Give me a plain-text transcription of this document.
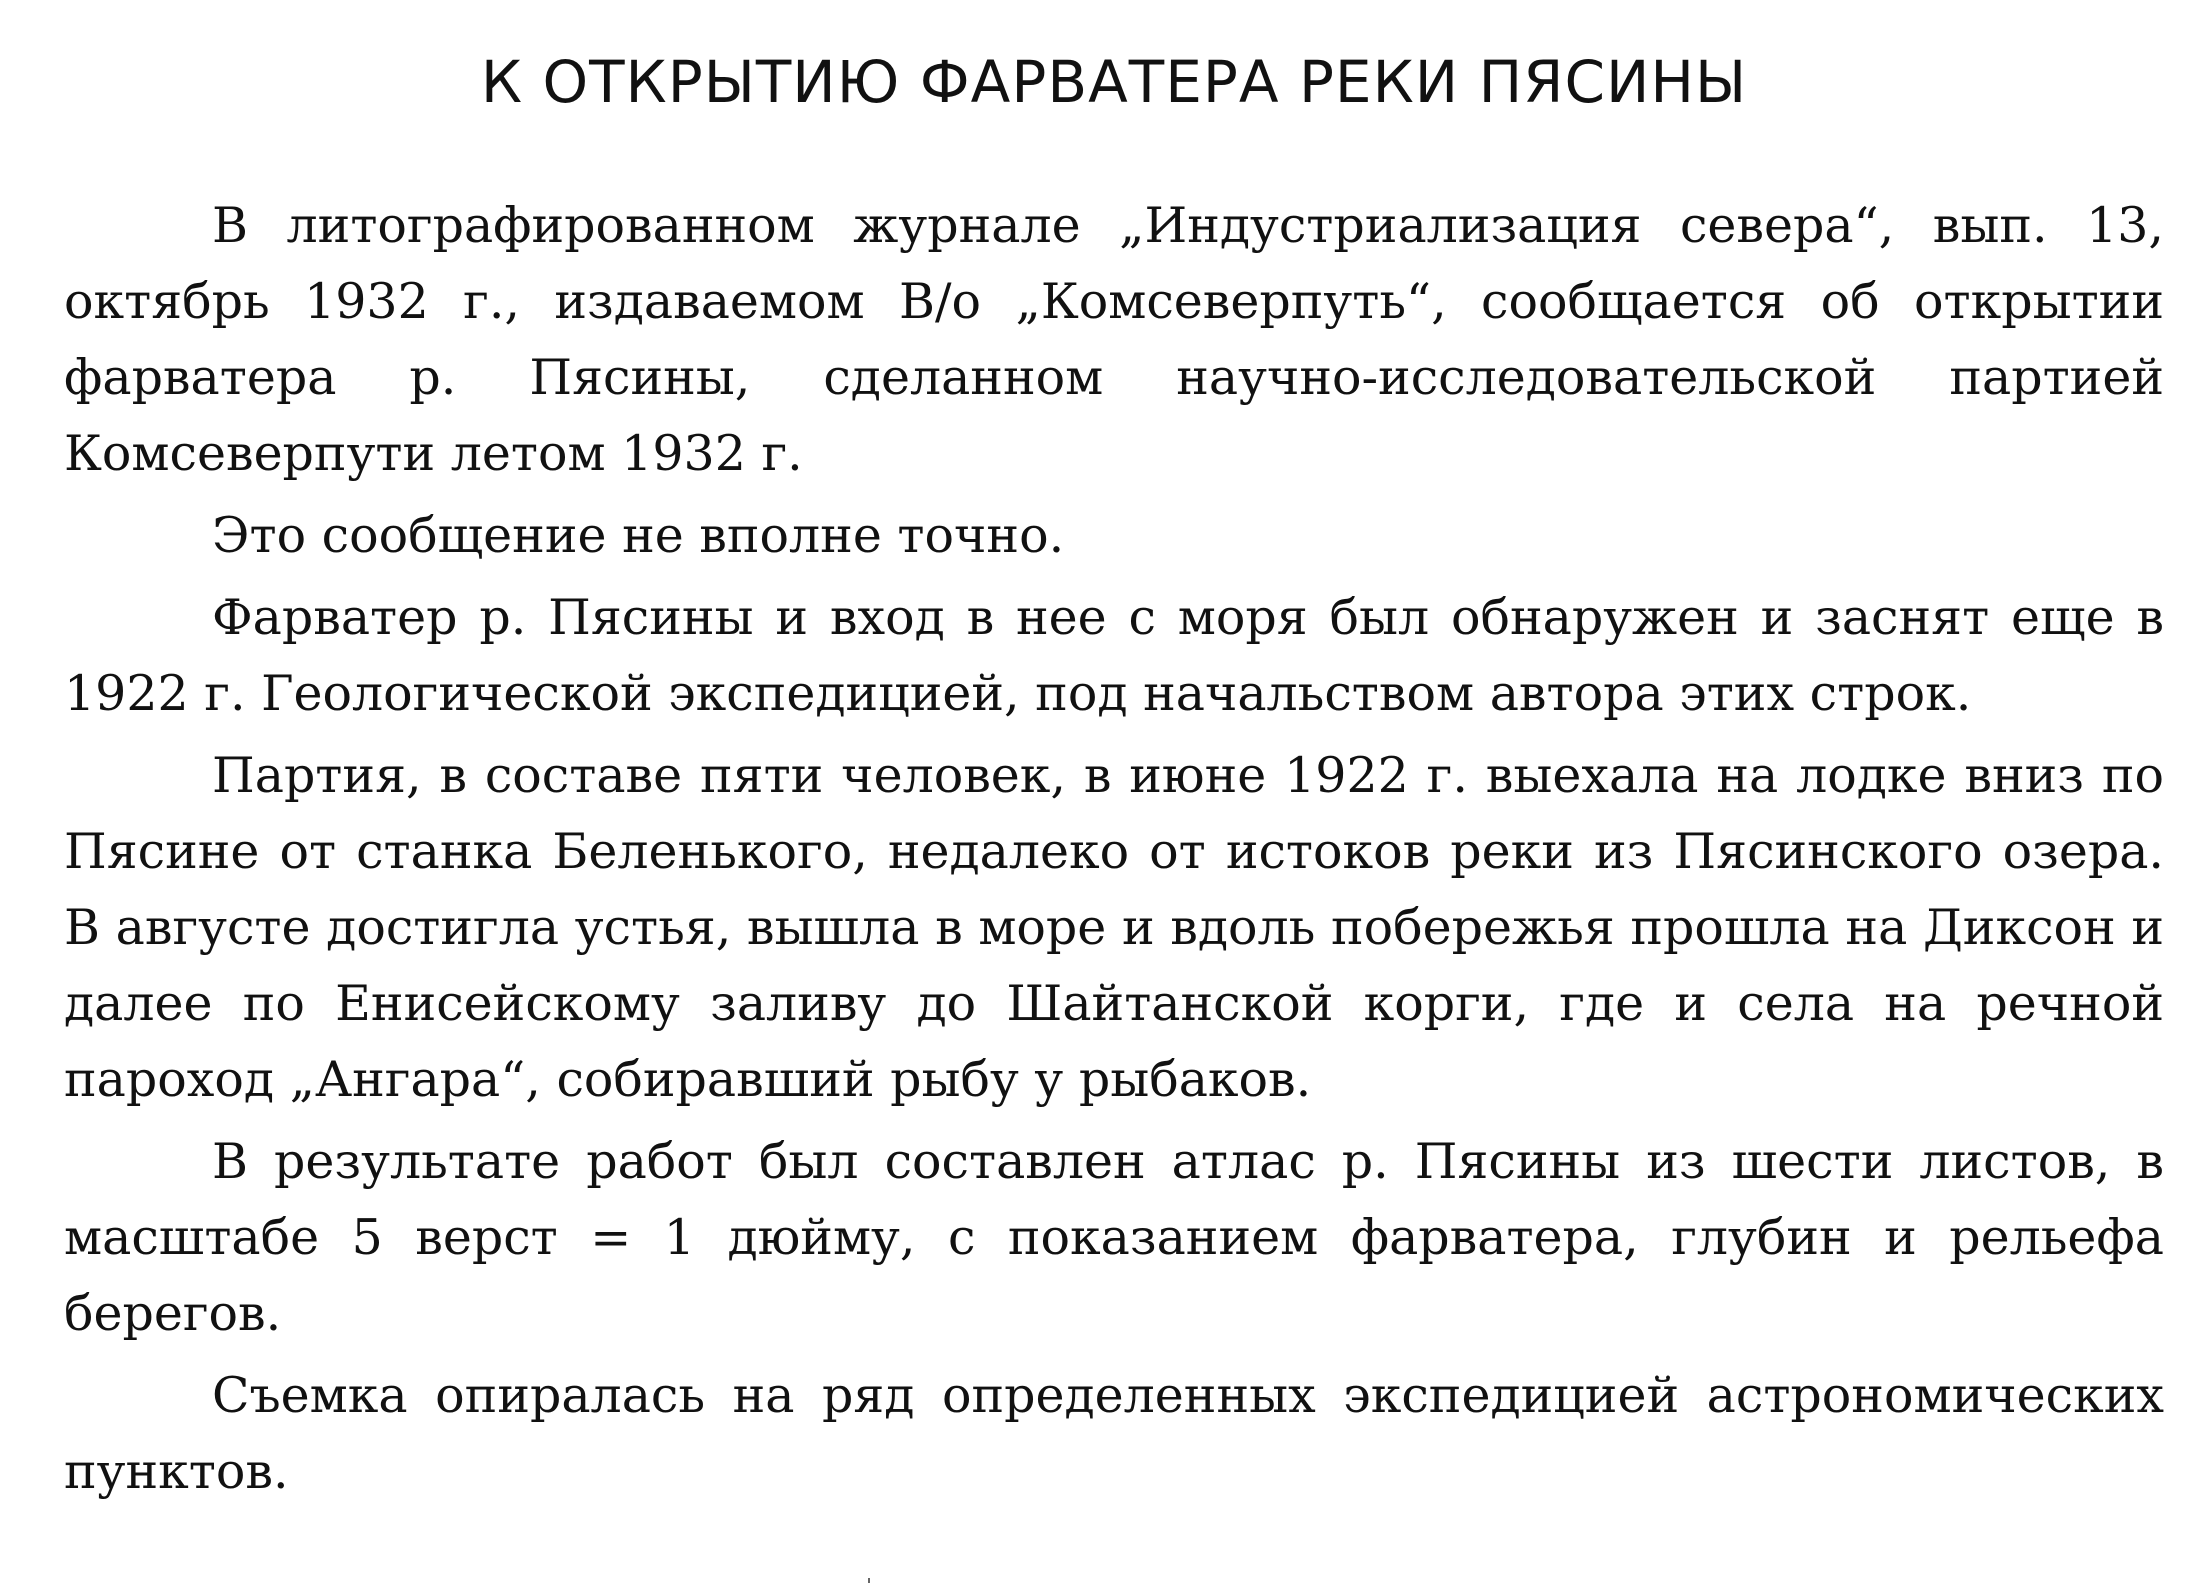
К ОТКРЫТИЮ ФАРВАТЕРА РЕКИ ПЯСИНЫ

В литографированном журнале „Индустриализация севера“, вып. 13, октябрь 1932 г., издаваемом В/о „Комсеверпуть“, сообщается об открытии фарватера р. Пясины, сделанном научно-исследовательской партией Комсеверпути летом 1932 г.

Это сообщение не вполне точно.

Фарватер р. Пясины и вход в нее с моря был обнаружен и заснят еще в 1922 г. Геологической экспедицией, под начальством автора этих строк.

Партия, в составе пяти человек, в июне 1922 г. выехала на лодке вниз по Пясине от станка Беленького, недалеко от истоков реки из Пясинского озера. В августе достигла устья, вышла в море и вдоль побережья прошла на Диксон и далее по Енисейскому заливу до Шайтанской корги, где и села на речной пароход „Ангара“, собиравший рыбу у рыбаков.

В результате работ был составлен атлас р. Пясины из шести листов, в масштабе 5 верст = 1 дюйму, с показанием фарватера, глубин и рельефа берегов.

Съемка опиралась на ряд определенных экспедицией астрономических пунктов.
